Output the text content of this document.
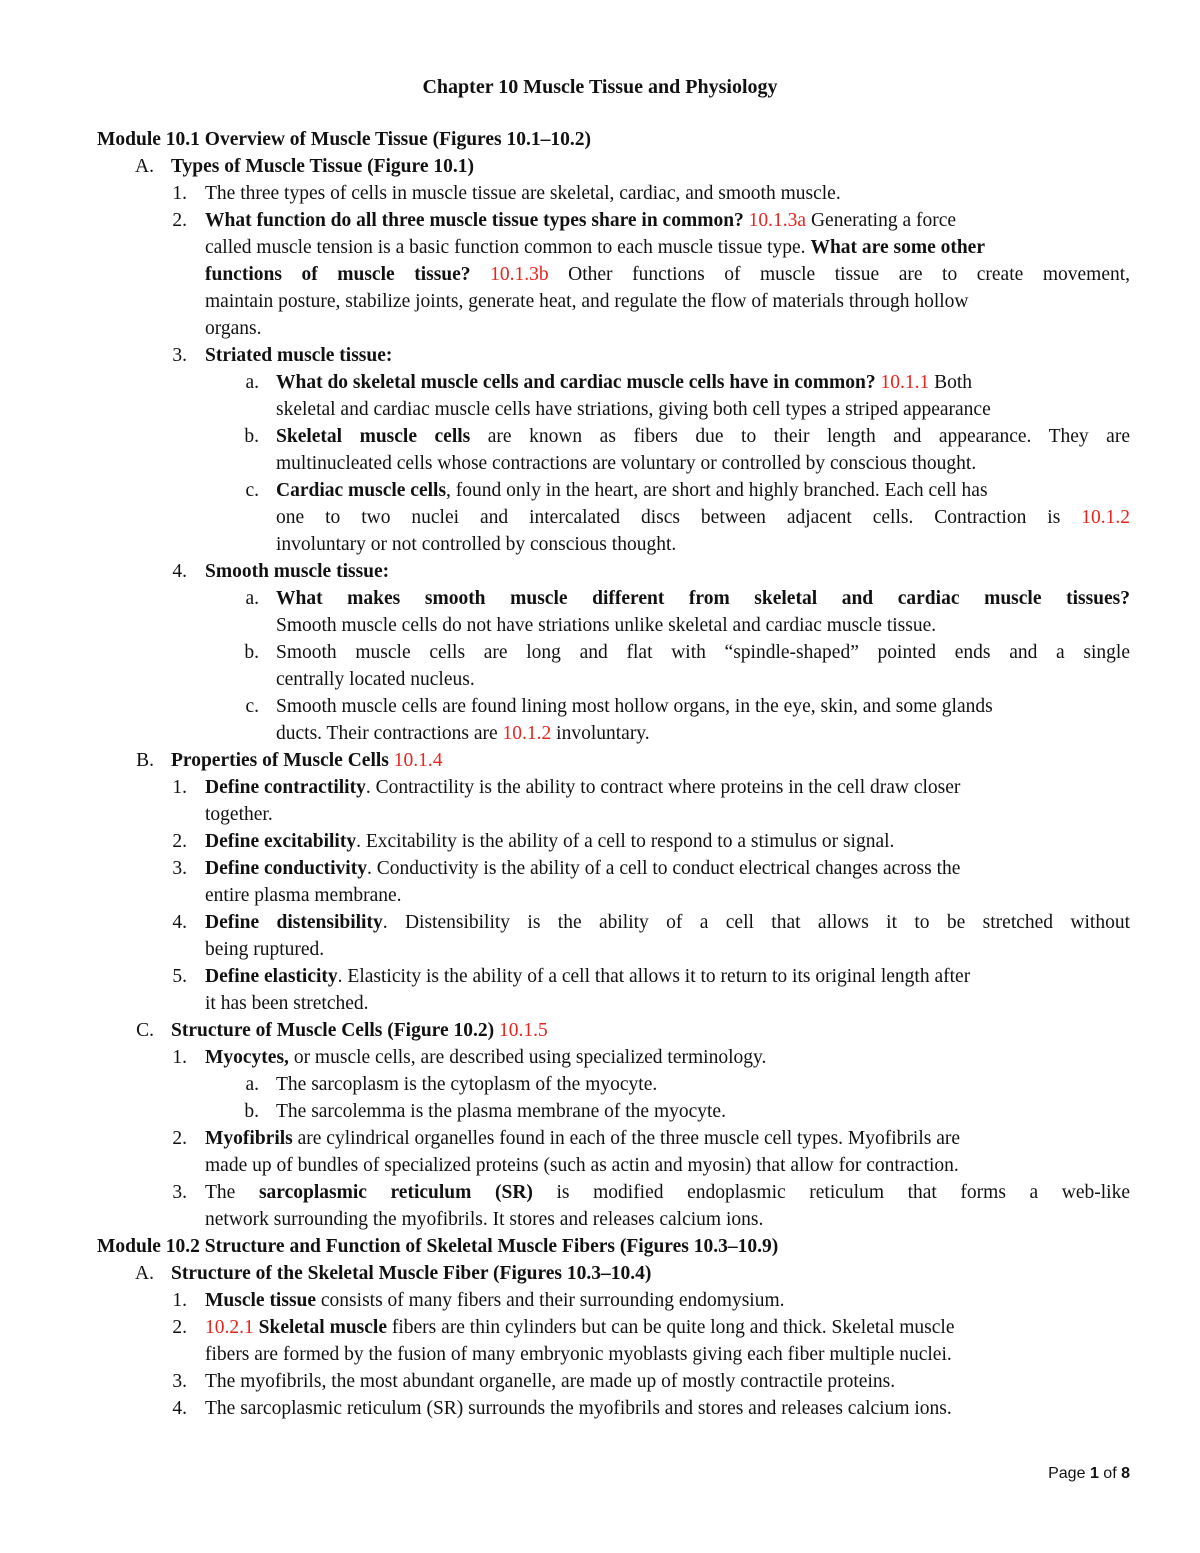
Chapter 10 Muscle Tissue and Physiology
Module 10.1 Overview of Muscle Tissue (Figures 10.1–10.2)
A. Types of Muscle Tissue (Figure 10.1)
1. The three types of cells in muscle tissue are skeletal, cardiac, and smooth muscle.
2. What function do all three muscle tissue types share in common? 10.1.3a Generating a force
called muscle tension is a basic function common to each muscle tissue type. What are some other
functions of muscle tissue? 10.1.3b Other functions of muscle tissue are to create movement,
maintain posture, stabilize joints, generate heat, and regulate the flow of materials through hollow
organs.
3. Striated muscle tissue:
a. What do skeletal muscle cells and cardiac muscle cells have in common? 10.1.1 Both
skeletal and cardiac muscle cells have striations, giving both cell types a striped appearance
b. Skeletal muscle cells are known as fibers due to their length and appearance. They are
multinucleated cells whose contractions are voluntary or controlled by conscious thought.
c. Cardiac muscle cells, found only in the heart, are short and highly branched. Each cell has
one to two nuclei and intercalated discs between adjacent cells. Contraction is 10.1.2
involuntary or not controlled by conscious thought.
4. Smooth muscle tissue:
a. What makes smooth muscle different from skeletal and cardiac muscle tissues?
Smooth muscle cells do not have striations unlike skeletal and cardiac muscle tissue.
b. Smooth muscle cells are long and flat with “spindle-shaped” pointed ends and a single
centrally located nucleus.
c. Smooth muscle cells are found lining most hollow organs, in the eye, skin, and some glands
ducts. Their contractions are 10.1.2 involuntary.
B. Properties of Muscle Cells 10.1.4
1. Define contractility. Contractility is the ability to contract where proteins in the cell draw closer
together.
2. Define excitability. Excitability is the ability of a cell to respond to a stimulus or signal.
3. Define conductivity. Conductivity is the ability of a cell to conduct electrical changes across the
entire plasma membrane.
4. Define distensibility. Distensibility is the ability of a cell that allows it to be stretched without
being ruptured.
5. Define elasticity. Elasticity is the ability of a cell that allows it to return to its original length after
it has been stretched.
C. Structure of Muscle Cells (Figure 10.2) 10.1.5
1. Myocytes, or muscle cells, are described using specialized terminology.
a. The sarcoplasm is the cytoplasm of the myocyte.
b. The sarcolemma is the plasma membrane of the myocyte.
2. Myofibrils are cylindrical organelles found in each of the three muscle cell types. Myofibrils are
made up of bundles of specialized proteins (such as actin and myosin) that allow for contraction.
3. The sarcoplasmic reticulum (SR) is modified endoplasmic reticulum that forms a web-like
network surrounding the myofibrils. It stores and releases calcium ions.
Module 10.2 Structure and Function of Skeletal Muscle Fibers (Figures 10.3–10.9)
A. Structure of the Skeletal Muscle Fiber (Figures 10.3–10.4)
1. Muscle tissue consists of many fibers and their surrounding endomysium.
2. 10.2.1 Skeletal muscle fibers are thin cylinders but can be quite long and thick. Skeletal muscle
fibers are formed by the fusion of many embryonic myoblasts giving each fiber multiple nuclei.
3. The myofibrils, the most abundant organelle, are made up of mostly contractile proteins.
4. The sarcoplasmic reticulum (SR) surrounds the myofibrils and stores and releases calcium ions.
Page 1 of 8
